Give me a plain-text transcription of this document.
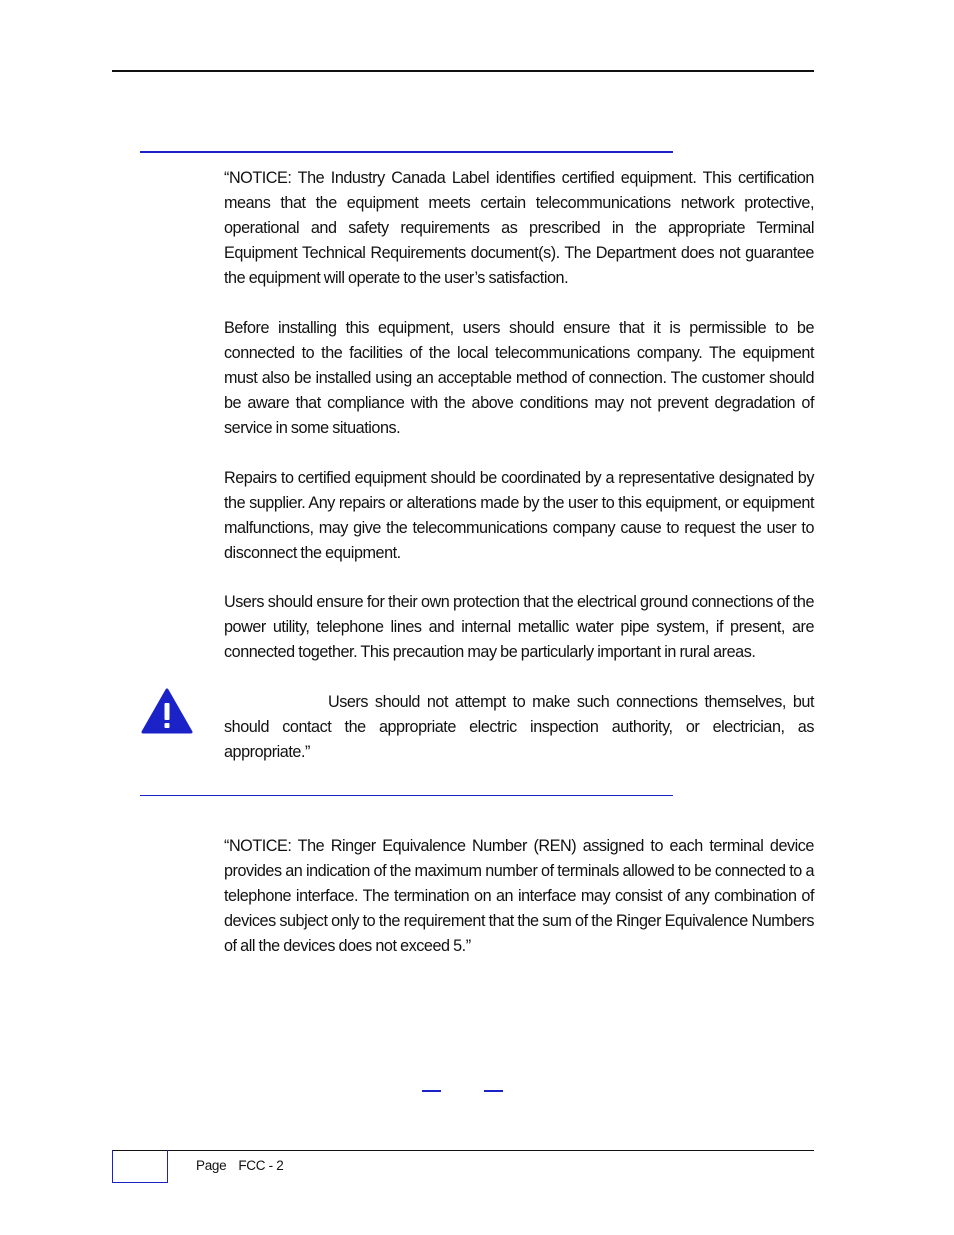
“NOTICE: The Industry Canada Label identifies certified equipment. This certification means that the equipment meets certain telecommunications network protective, operational and safety requirements as prescribed in the appropriate Terminal Equipment Technical Requirements document(s). The Department does not guarantee the equipment will operate to the user’s satisfaction.

Before installing this equipment, users should ensure that it is permissible to be connected to the facilities of the local telecommunications company. The equipment must also be installed using an acceptable method of connection. The customer should be aware that compliance with the above conditions may not prevent degradation of service in some situations.

Repairs to certified equipment should be coordinated by a representative designated by the supplier. Any repairs or alterations made by the user to this equipment, or equipment malfunctions, may give the telecommunications company cause to request the user to disconnect the equipment.

Users should ensure for their own protection that the electrical ground connections of the power utility, telephone lines and internal metallic water pipe system, if present, are connected together. This precaution may be particularly important in rural areas.

Users should not attempt to make such connections themselves, but should contact the appropriate electric inspection authority, or electrician, as appropriate.”

“NOTICE: The Ringer Equivalence Number (REN) assigned to each terminal device provides an indication of the maximum number of terminals allowed to be connected to a telephone interface. The termination on an interface may consist of any combination of devices subject only to the requirement that the sum of the Ringer Equivalence Numbers of all the devices does not exceed 5.”

Page FCC - 2
